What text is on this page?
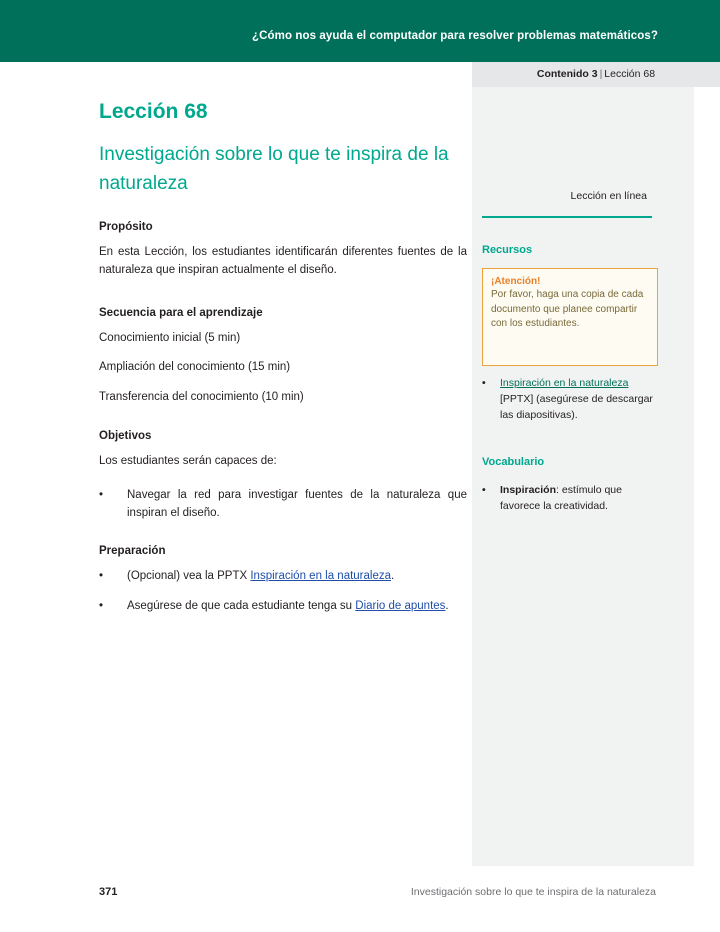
¿Cómo nos ayuda el computador para resolver problemas matemáticos?
Contenido 3 | Lección 68
Lección en línea
Recursos
¡Atención!
Por favor, haga una copia de cada documento que planee compartir con los estudiantes.
•	Inspiración en la naturaleza [PPTX] (asegúrese de descargar las diapositivas).
Vocabulario
•	Inspiración: estímulo que favorece la creatividad.
Lección 68
Investigación sobre lo que te inspira de la naturaleza
Propósito

En esta Lección, los estudiantes identificarán diferentes fuentes de la naturaleza que inspiran actualmente el diseño.

Secuencia para el aprendizaje

Conocimiento inicial (5 min)

Ampliación del conocimiento (15 min)

Transferencia del conocimiento (10 min)

Objetivos

Los estudiantes serán capaces de:

• Navegar la red para investigar fuentes de la naturaleza que inspiran el diseño.
Preparación
• (Opcional) vea la PPTX Inspiración en la naturaleza.
• Asegúrese de que cada estudiante tenga su Diario de apuntes.
371	Investigación sobre lo que te inspira de la naturaleza
